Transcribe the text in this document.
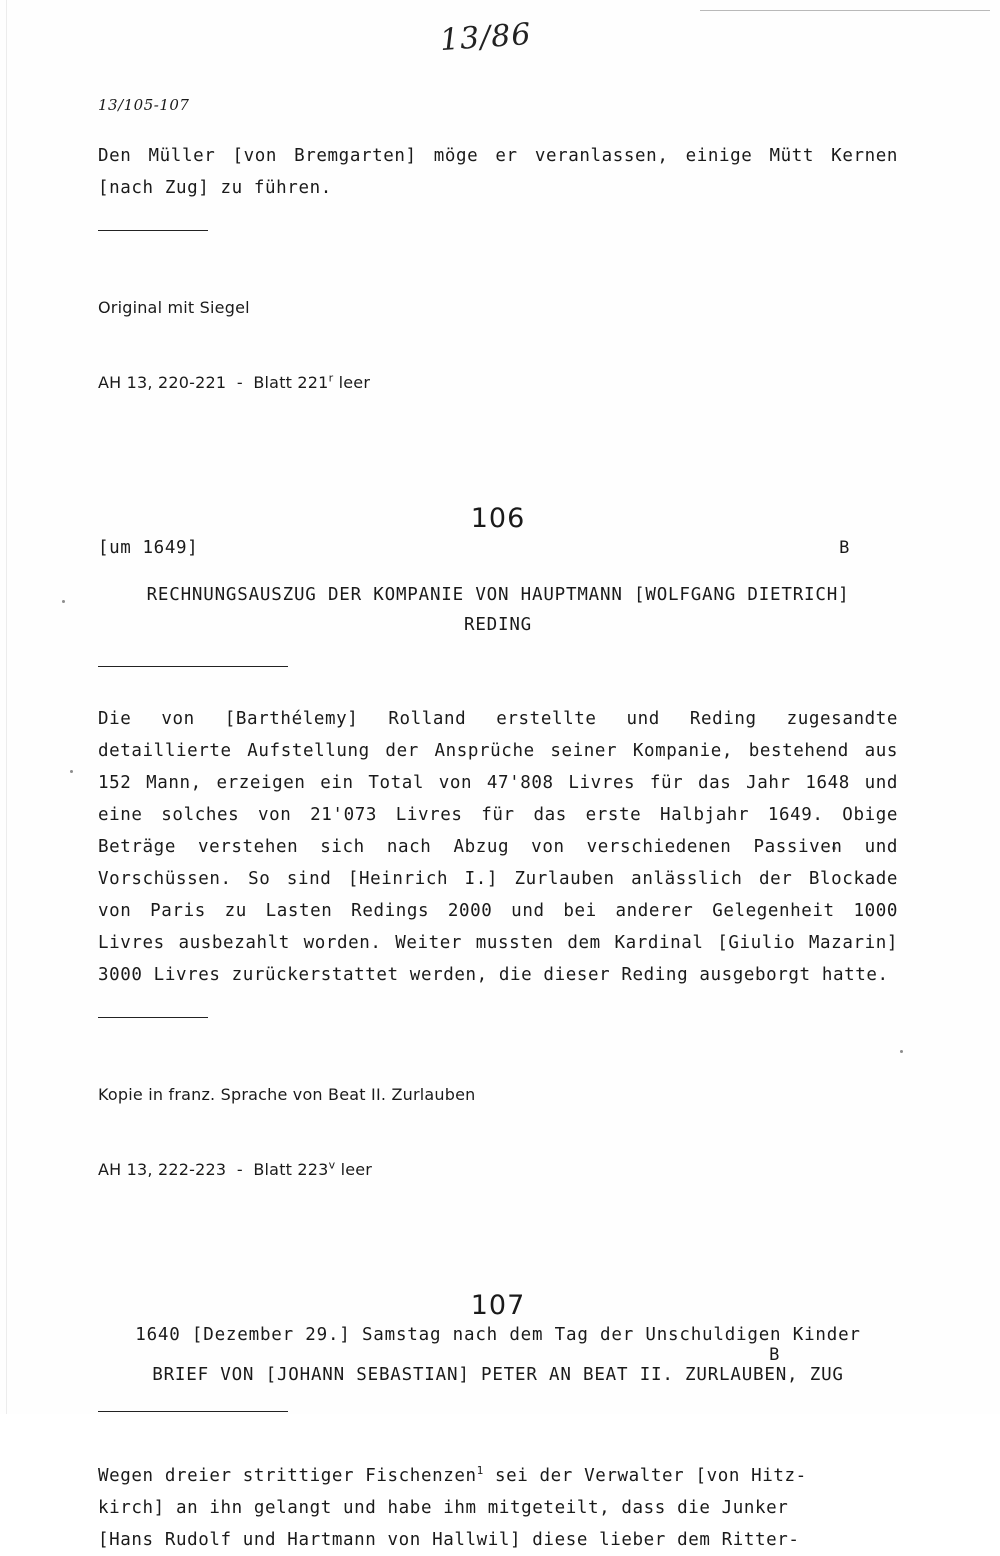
13/86
13/105-107

Den Müller [von Bremgarten] möge er veranlassen, einige Mütt Kernen [nach Zug] zu führen.

Original mit Siegel

AH 13, 220-221  -  Blatt 221$^r$ leer

106
[um 1649]	B
RECHNUNGSAUSZUG DER KOMPANIE VON HAUPTMANN [WOLFGANG DIETRICH]
REDING

Die von [Barthélemy] Rolland erstellte und Reding zugesandte detaillierte Aufstellung der Ansprüche seiner Kompanie, bestehend aus 152 Mann, erzeigen ein Total von 47'808 Livres für das Jahr 1648 und eine solches von 21'073 Livres für das erste Halbjahr 1649. Obige Beträge verstehen sich nach Abzug von verschiedenen Passiven und Vorschüssen. So sind [Heinrich I.] Zurlauben anlässlich der Blockade von Paris zu Lasten Redings 2000 und bei anderer Gelegenheit 1000 Livres ausbezahlt worden. Weiter mussten dem Kardinal [Giulio Mazarin] 3000 Livres zurückerstattet werden, die dieser Reding ausgeborgt hatte.

Kopie in franz. Sprache von Beat II. Zurlauben

AH 13, 222-223  -  Blatt 223$^v$ leer

107
1640 [Dezember 29.] Samstag nach dem Tag der Unschuldigen Kinder
B
BRIEF VON [JOHANN SEBASTIAN] PETER AN BEAT II. ZURLAUBEN, ZUG
Wegen dreier strittiger Fischenzen$^1$ sei der Verwalter [von Hitz-
kirch] an ihn gelangt und habe ihm mitgeteilt, dass die Junker
[Hans Rudolf und Hartmann von Hallwil] diese lieber dem Ritter-
